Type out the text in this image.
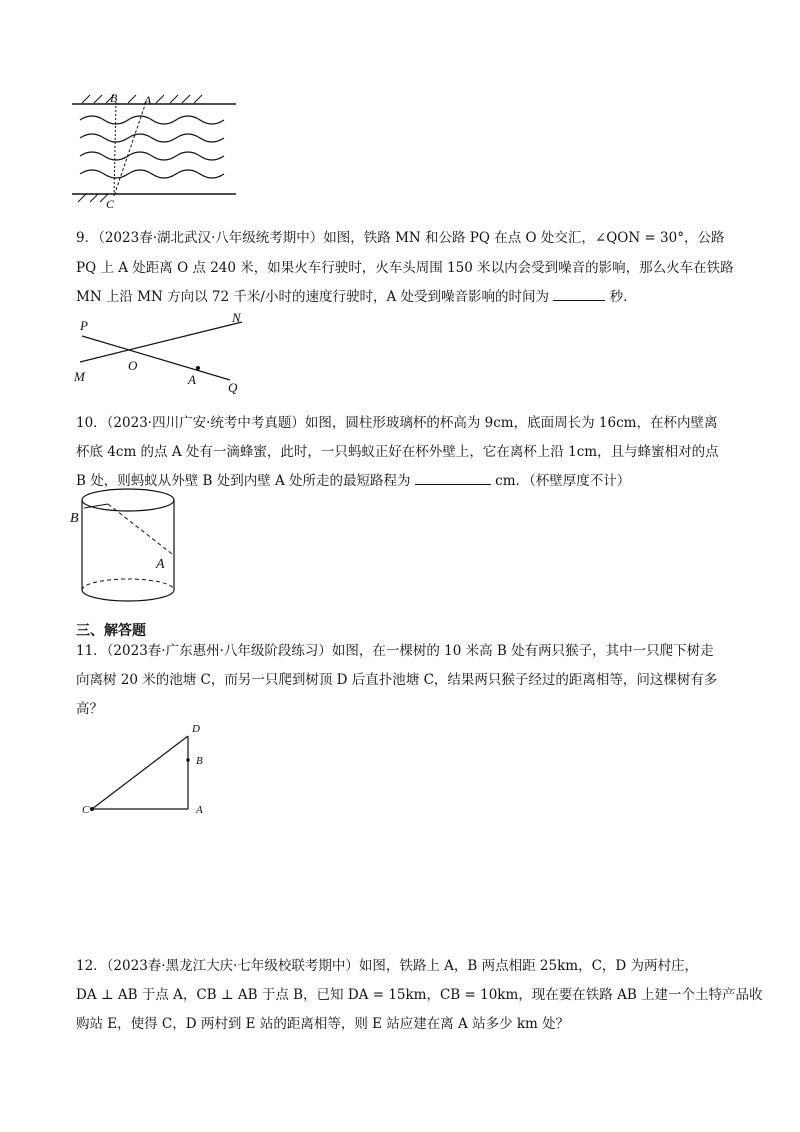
B A
C
9．（2023春·湖北武汉·八年级统考期中）如图，铁路 MN 和公路 PQ 在点 O 处交汇，∠QON = 30°，公路
PQ 上 A 处距离 O 点 240 米，如果火车行驶时，火车头周围 150 米以内会受到噪音的影响，那么火车在铁路
MN 上沿 MN 方向以 72 千米/小时的速度行驶时，A 处受到噪音影响的时间为	秒．
P
N
O
M	A
Q
10．（2023·四川广安·统考中考真题）如图，圆柱形玻璃杯的杯高为 9cm，底面周长为 16cm，在杯内壁离
杯底 4cm 的点 A 处有一滴蜂蜜，此时，一只蚂蚁正好在杯外壁上，它在离杯上沿 1cm，且与蜂蜜相对的点
B 处，则蚂蚁从外壁 B 处到内壁 A 处所走的最短路程为	cm．（杯壁厚度不计）
B
A
三、解答题
11．（2023春·广东惠州·八年级阶段练习）如图，在一棵树的 10 米高 B 处有两只猴子，其中一只爬下树走
向离树 20 米的池塘 C，而另一只爬到树顶 D 后直扑池塘 C，结果两只猴子经过的距离相等，问这棵树有多
高？
D
B
C	A
12．（2023春·黑龙江大庆·七年级校联考期中）如图，铁路上 A，B 两点相距 25km，C，D 为两村庄，
DA ⊥ AB 于点 A，CB ⊥ AB 于点 B，已知 DA = 15km，CB = 10km，现在要在铁路 AB 上建一个土特产品收
购站 E，使得 C，D 两村到 E 站的距离相等，则 E 站应建在离 A 站多少 km 处？
